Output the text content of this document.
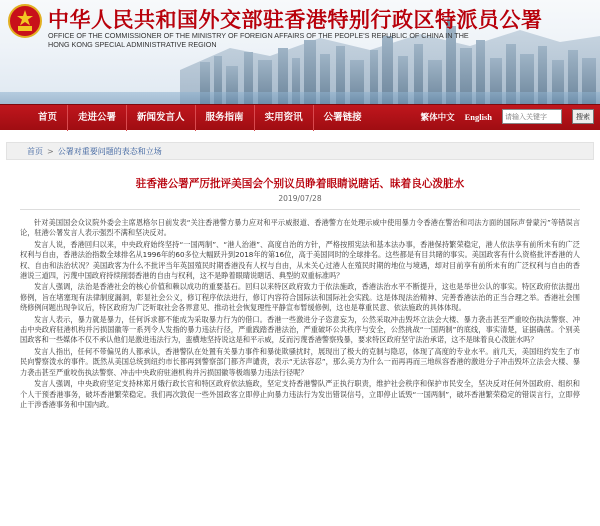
中华人民共和国外交部驻香港特别行政区特派员公署
OFFICE OF THE COMMISSIONER OF THE MINISTRY OF FOREIGN AFFAIRS OF THE PEOPLE'S REPUBLIC OF CHINA IN THE HONG KONG SPECIAL ADMINISTRATIVE REGION
首页	走进公署	新闻发言人	服务指南	实用资讯	公署链接	繁体中文 English
请输入关键字	搜索
首页 > 公署对重要问题的表态和立场
驻香港公署严厉批评美国会个别议员睁着眼睛说瞎话、昧着良心泼脏水
2019/07/28

针对美国国会众议院外委会主席恩格尔日前发表“关注香港警方暴力应对和平示威报道、香港警方在处理示威中使用暴力令香港在警治和司法方面的国际声誉蒙污”等错误言论，驻港公署发言人表示强烈不满和坚决反对。

发言人说，香港回归以来，中央政府始终坚持“一国两制”、“港人治港”、高度自治的方针，严格按照宪法和基本法办事，香港保持繁荣稳定，港人依法享有前所未有的广泛权利与自由，香港法治指数全球排名从1996年的60多位大幅跃升到2018年的第16位，高于美国同时的全球排名。这些都是有目共睹的事实。美国政客有什么资格批评香港的人权、自由和法治状况？美国政客为什么不批评当年英国殖民时期香港没有人权与自由，从未关心过港人在殖民时期的地位与境遇，却对目前享有前所未有的广泛权利与自由的香港说三道四，污蔑中国政府持续削弱香港的自由与权利，这不是睁着眼睛说瞎话、典型的双重标准吗？

发言人强调，法治是香港社会的核心价值和赖以成功的重要基石。回归以来特区政府致力于依法施政，香港法治水平不断提升，这也是举世公认的事实。特区政府依法提出修例，旨在堵塞现有法律制度漏洞，彰显社会公义，修订程序依法进行，修订内容符合国际法和国际社会实践。这是体现法治精神、完善香港法治的正当合理之举。香港社会围绕修例问题出现争议后，特区政府为广泛听取社会各界意见、推动社会恢复理性平静宣布暂缓修例，这也是尊重民意、依法施政的具体体现。

发言人表示，暴力就是暴力，任何诉求都不能成为采取暴力行为的借口。香港一些激进分子恣意妄为，公然采取冲击毁坏立法会大楼、暴力袭击甚至严重咬伤执法警察、冲击中央政府驻港机构并污损国徽等一系列令人发指的暴力违法行径，严重践踏香港法治，严重破坏公共秩序与安全，公然挑战“一国两制”的底线，事实清楚，证据确凿。个别美国政客和一些媒体不仅不承认他们是激进违法行为，蛮横地坚持说这是和平示威，反而污蔑香港警察残暴，要求特区政府坚守法治承诺，这不是昧着良心泼脏水吗？

发言人指出，任何不带偏见的人都承认，香港警队在处置有关暴力事件和暴徒欺骚扰时，展现出了极大的克制与隐忍，体现了高度的专业水平。前几天，美国纽约发生了市民向警察泼水的事件。既然从美国总统到纽约市长都再到警察部门都齐声谴责，表示“无法容忍”，那么美方为什么一而再再而三地纵容香港的激进分子冲击毁坏立法会大楼、暴力袭击甚至严重咬伤执法警察、冲击中央政府驻港机构并污损国徽等极端暴力违法行径呢？

发言人强调，中央政府坚定支持林郑月娥行政长官和特区政府依法施政，坚定支持香港警队严正执行职责，维护社会秩序和保护市民安全，坚决反对任何外国政府、组织和个人干预香港事务，破坏香港繁荣稳定。我们再次敦促一些外国政客立即停止向暴力违法行为发出错误信号，立即停止诋毁“一国两制”，破坏香港繁荣稳定的错误言行，立即停止干涉香港事务和中国内政。
